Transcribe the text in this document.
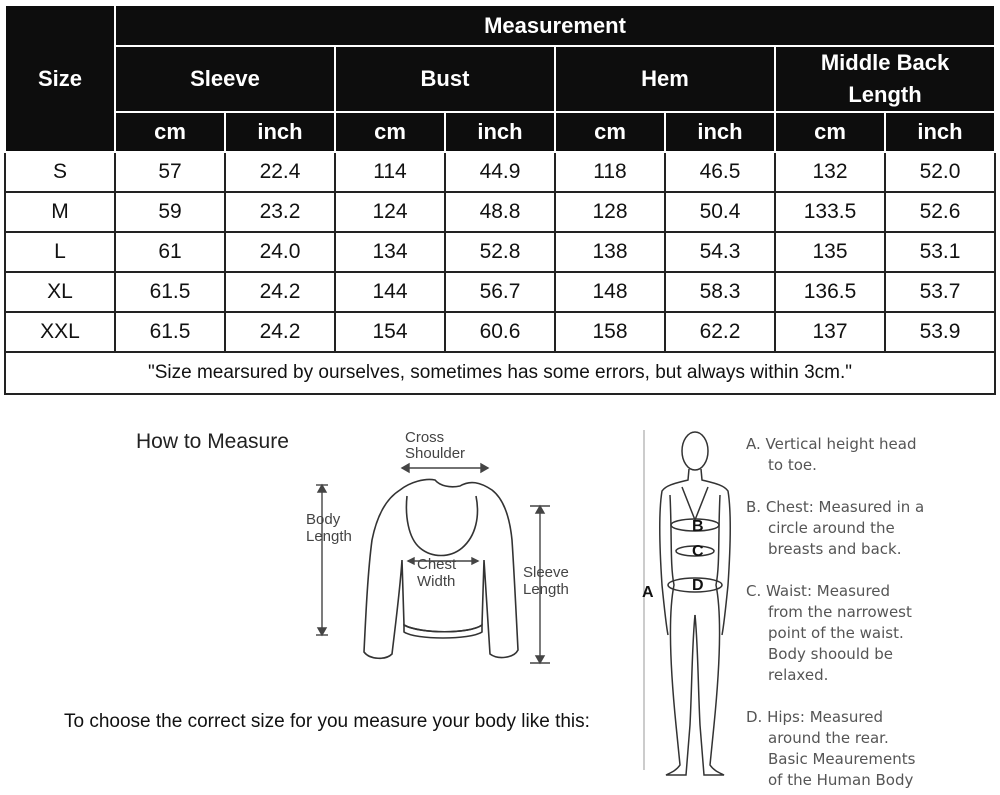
Size	Measurement							
	Sleeve		Bust		Hem		Middle Back Length	
	cm	inch	cm	inch	cm	inch	cm	inch
S	57	22.4	114	44.9	118	46.5	132	52.0
M	59	23.2	124	48.8	128	50.4	133.5	52.6
L	61	24.0	134	52.8	138	54.3	135	53.1
XL	61.5	24.2	144	56.7	148	58.3	136.5	53.7
XXL	61.5	24.2	154	60.6	158	62.2	137	53.9
"Size mearsured by ourselves, sometimes has some errors, but always within 3cm."								
How to Measure	Cross
Shoulder
Body
Length
Chest
Width
Sleeve
Length
To choose the correct size for you measure your body like this:
A
B
C
D
A. Vertical height head
to toe.
B. Chest: Measured in a
circle around the
breasts and back.
C. Waist: Measured
from the narrowest
point of the waist.
Body shoould be
relaxed.
D. Hips: Measured
around the rear.
Basic Meaurements
of the Human Body
